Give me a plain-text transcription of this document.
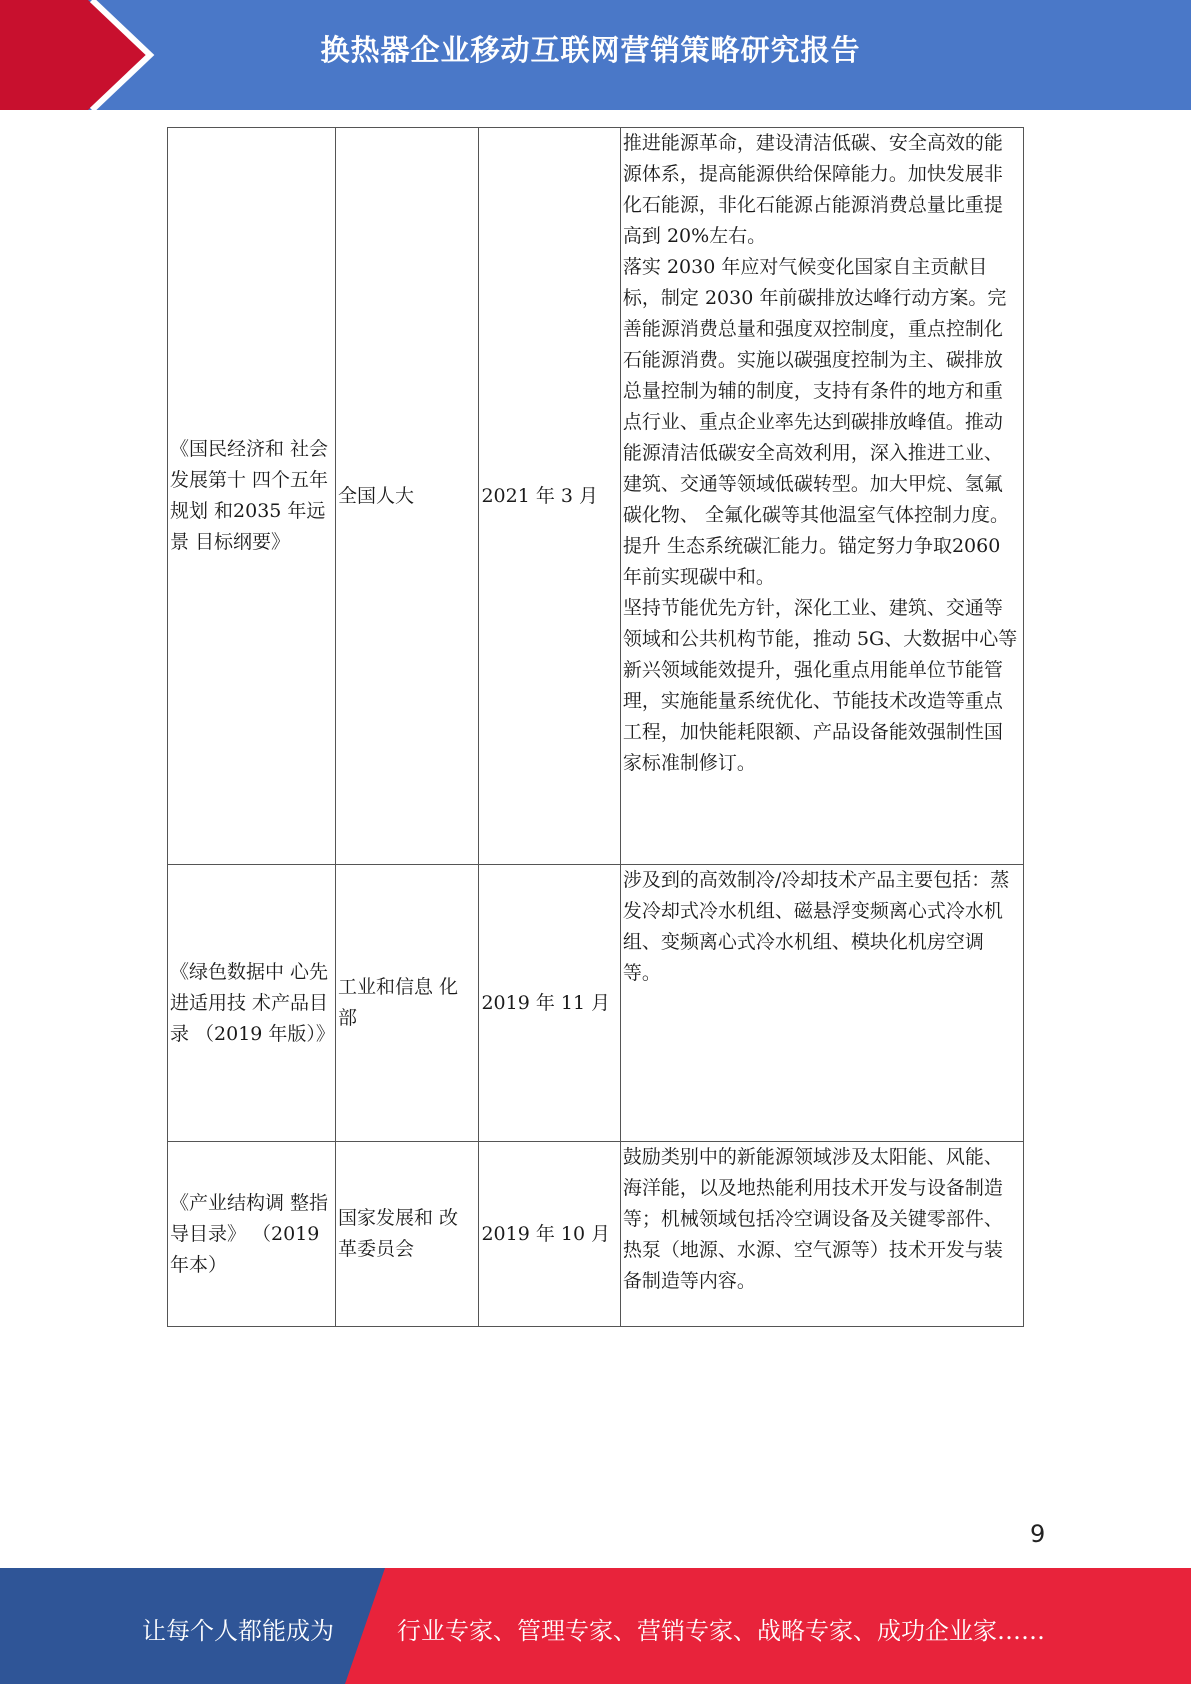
换热器企业移动互联网营销策略研究报告
《国民经济和 社会发展第十 四个五年规划 和2035 年远景 目标纲要》	全国人大	2021 年 3 月	推进能源革命，建设清洁低碳、安全高效的能源体系，提高能源供给保障能力。加快发展非化石能源，非化石能源占能源消费总量比重提高到 20%左右。

落实 2030 年应对气候变化国家自主贡献目标，制定 2030 年前碳排放达峰行动方案。完善能源消费总量和强度双控制度，重点控制化石能源消费。实施以碳强度控制为主、碳排放总量控制为辅的制度，支持有条件的地方和重点行业、重点企业率先达到碳排放峰值。推动能源清洁低碳安全高效利用，深入推进工业、建筑、交通等领域低碳转型。加大甲烷、氢氟碳化物、 全氟化碳等其他温室气体控制力度。提升 生态系统碳汇能力。锚定努力争取2060 年前实现碳中和。

坚持节能优先方针，深化工业、建筑、交通等领域和公共机构节能，推动 5G、大数据中心等新兴领域能效提升，强化重点用能单位节能管理，实施能量系统优化、节能技术改造等重点工程，加快能耗限额、产品设备能效强制性国家标准制修订。

《绿色数据中 心先进适用技 术产品目录 （2019 年版）》	工业和信息 化部	2019 年 11 月	涉及到的高效制冷/冷却技术产品主要包括：蒸发冷却式冷水机组、磁悬浮变频离心式冷水机组、变频离心式冷水机组、模块化机房空调等。

《产业结构调 整指导目录》 （2019 年本）	国家发展和 改革委员会	2019 年 10 月	鼓励类别中的新能源领域涉及太阳能、风能、海洋能，以及地热能利用技术开发与设备制造等；机械领域包括冷空调设备及关键零部件、热泵（地源、水源、空气源等）技术开发与装备制造等内容。

9
让每个人都能成为	行业专家、管理专家、营销专家、战略专家、成功企业家……
